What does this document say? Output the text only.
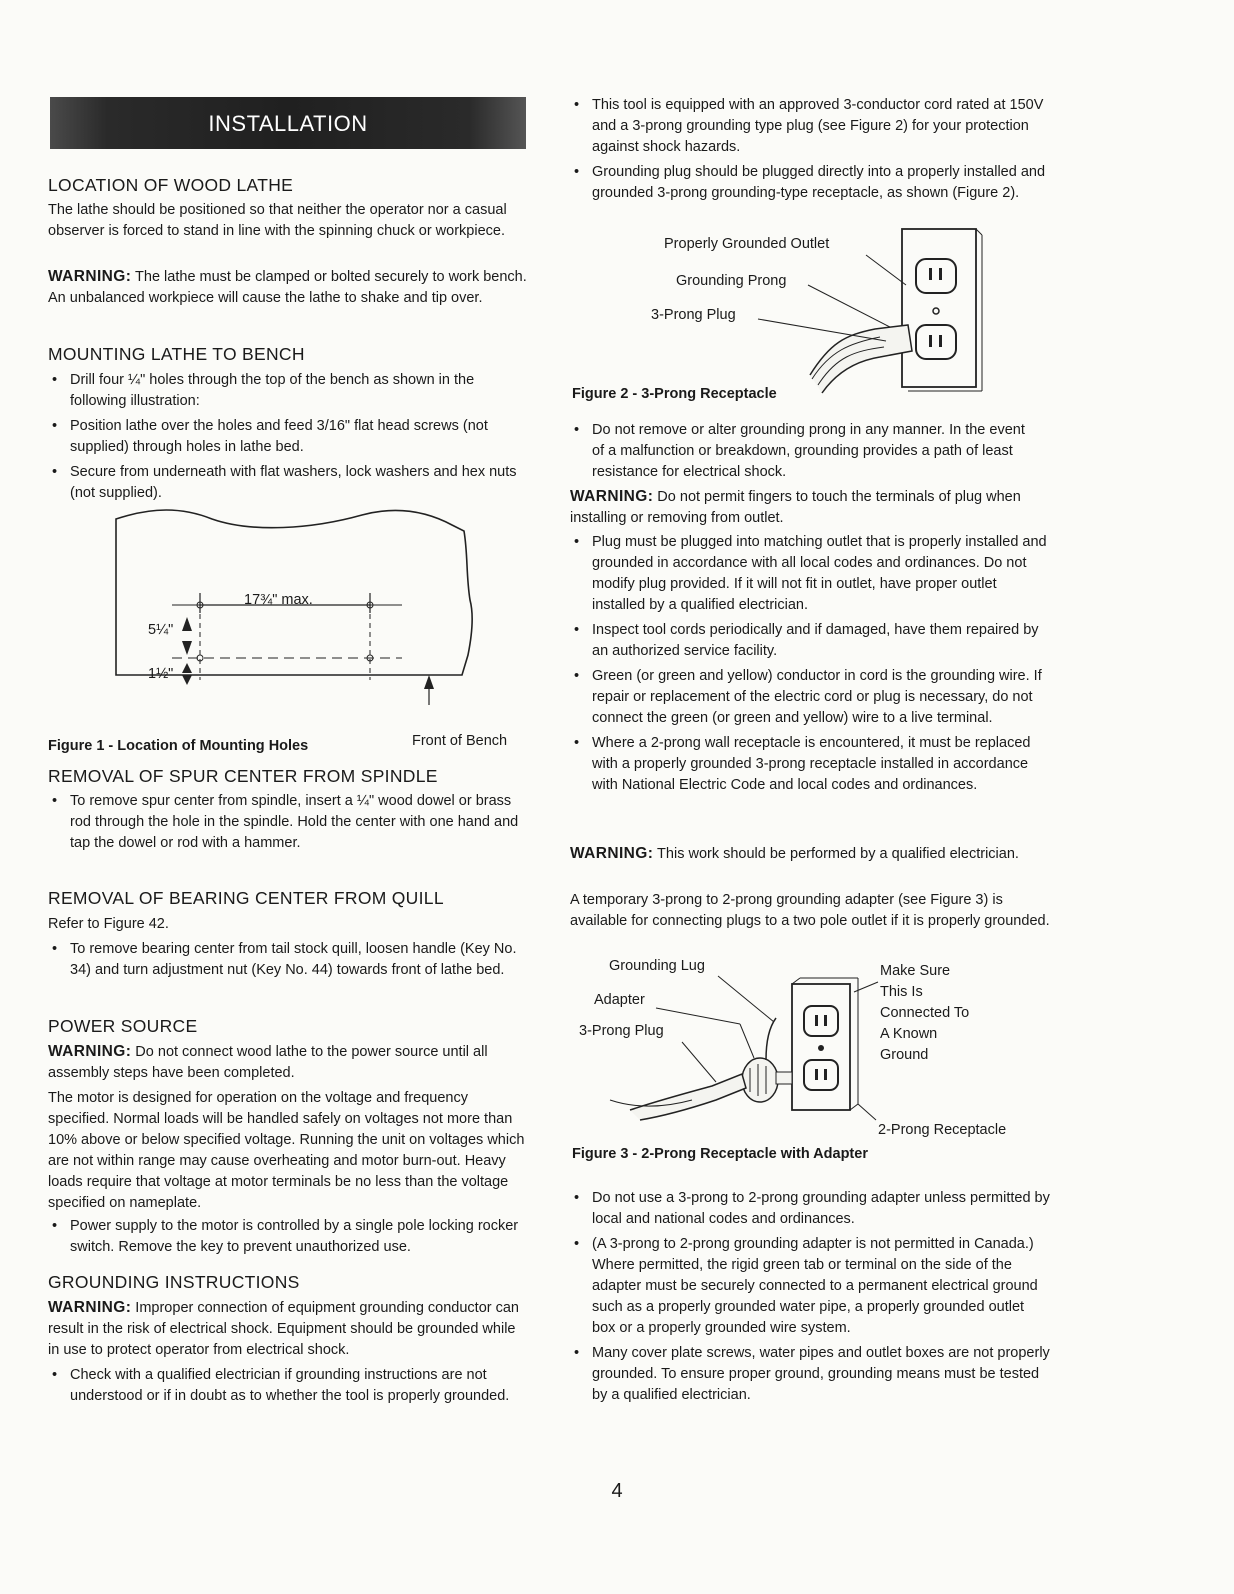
INSTALLATION
LOCATION OF WOOD LATHE

The lathe should be positioned so that neither the operator nor a casual observer is forced to stand in line with the spinning chuck or workpiece.

WARNING: The lathe must be clamped or bolted securely to work bench. An unbalanced workpiece will cause the lathe to shake and tip over.

MOUNTING LATHE TO BENCH
• Drill four ¼" holes through the top of the bench as shown in the following illustration:
• Position lathe over the holes and feed 3/16" flat head screws (not supplied) through holes in lathe bed.
• Secure from underneath with flat washers, lock washers and hex nuts (not supplied).
17¾" max.
5¼"
1½"
Front of Bench
Figure 1 - Location of Mounting Holes
REMOVAL OF SPUR CENTER FROM SPINDLE
• To remove spur center from spindle, insert a ¼" wood dowel or brass rod through the hole in the spindle. Hold the center with one hand and tap the dowel or rod with a hammer.
REMOVAL OF BEARING CENTER FROM QUILL

Refer to Figure 42.

• To remove bearing center from tail stock quill, loosen handle (Key No. 34) and turn adjustment nut (Key No. 44) towards front of lathe bed.
POWER SOURCE

WARNING: Do not connect wood lathe to the power source until all assembly steps have been completed.

The motor is designed for operation on the voltage and frequency specified. Normal loads will be handled safely on voltages not more than 10% above or below specified voltage. Running the unit on voltages which are not within range may cause overheating and motor burn-out. Heavy loads require that voltage at motor terminals be no less than the voltage specified on nameplate.

• Power supply to the motor is controlled by a single pole locking rocker switch. Remove the key to prevent unauthorized use.
GROUNDING INSTRUCTIONS

WARNING: Improper connection of equipment grounding conductor can result in the risk of electrical shock. Equipment should be grounded while in use to protect operator from electrical shock.

• Check with a qualified electrician if grounding instructions are not understood or if in doubt as to whether the tool is properly grounded.
• This tool is equipped with an approved 3-conductor cord rated at 150V and a 3-prong grounding type plug (see Figure 2) for your protection against shock hazards.
• Grounding plug should be plugged directly into a properly installed and grounded 3-prong grounding-type receptacle, as shown (Figure 2).
Properly Grounded Outlet
Grounding Prong
3-Prong Plug
Figure 2 - 3-Prong Receptacle
• Do not remove or alter grounding prong in any manner. In the event of a malfunction or breakdown, grounding provides a path of least resistance for electrical shock.

WARNING: Do not permit fingers to touch the terminals of plug when installing or removing from outlet.

• Plug must be plugged into matching outlet that is properly installed and grounded in accordance with all local codes and ordinances. Do not modify plug provided. If it will not fit in outlet, have proper outlet installed by a qualified electrician.
• Inspect tool cords periodically and if damaged, have them repaired by an authorized service facility.
• Green (or green and yellow) conductor in cord is the grounding wire. If repair or replacement of the electric cord or plug is necessary, do not connect the green (or green and yellow) wire to a live terminal.
• Where a 2-prong wall receptacle is encountered, it must be replaced with a properly grounded 3-prong receptacle installed in accordance with National Electric Code and local codes and ordinances.

WARNING: This work should be performed by a qualified electrician.

A temporary 3-prong to 2-prong grounding adapter (see Figure 3) is available for connecting plugs to a two pole outlet if it is properly grounded.

Grounding Lug
Adapter
3-Prong Plug
Make Sure
This Is
Connected To
A Known
Ground
2-Prong Receptacle
Figure 3 - 2-Prong Receptacle with Adapter
• Do not use a 3-prong to 2-prong grounding adapter unless permitted by local and national codes and ordinances.
• (A 3-prong to 2-prong grounding adapter is not permitted in Canada.) Where permitted, the rigid green tab or terminal on the side of the adapter must be securely connected to a permanent electrical ground such as a properly grounded water pipe, a properly grounded outlet box or a properly grounded wire system.
• Many cover plate screws, water pipes and outlet boxes are not properly grounded. To ensure proper ground, grounding means must be tested by a qualified electrician.
4
